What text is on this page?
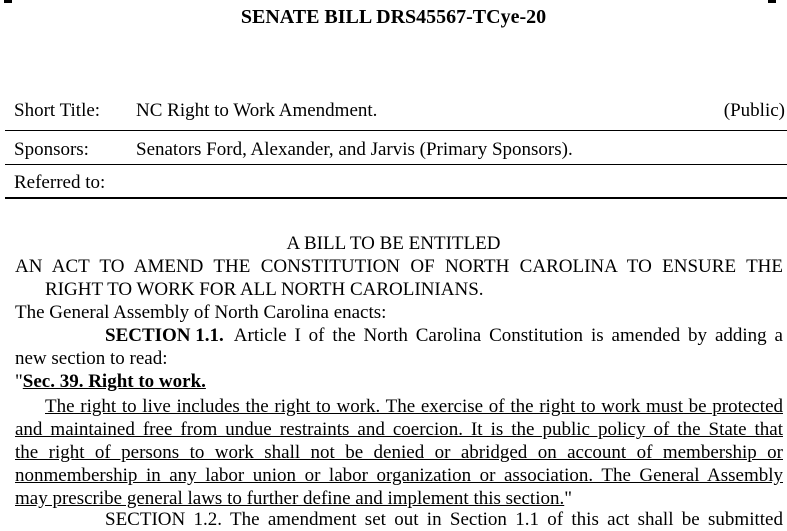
SENATE BILL DRS45567-TCye-20
Short Title: NC Right to Work Amendment.	(Public)
Sponsors: Senators Ford, Alexander, and Jarvis (Primary Sponsors).
Referred to:
A BILL TO BE ENTITLED
AN ACT TO AMEND THE CONSTITUTION OF NORTH CAROLINA TO ENSURE THE
RIGHT TO WORK FOR ALL NORTH CAROLINIANS.
The General Assembly of North Carolina enacts:
SECTION 1.1. Article I of the North Carolina Constitution is amended by adding a
new section to read:
"Sec. 39. Right to work.
The right to live includes the right to work. The exercise of the right to work must be protected
and maintained free from undue restraints and coercion. It is the public policy of the State that
the right of persons to work shall not be denied or abridged on account of membership or
nonmembership in any labor union or labor organization or association. The General Assembly
may prescribe general laws to further define and implement this section."
SECTION 1.2. The amendment set out in Section 1.1 of this act shall be submitted
